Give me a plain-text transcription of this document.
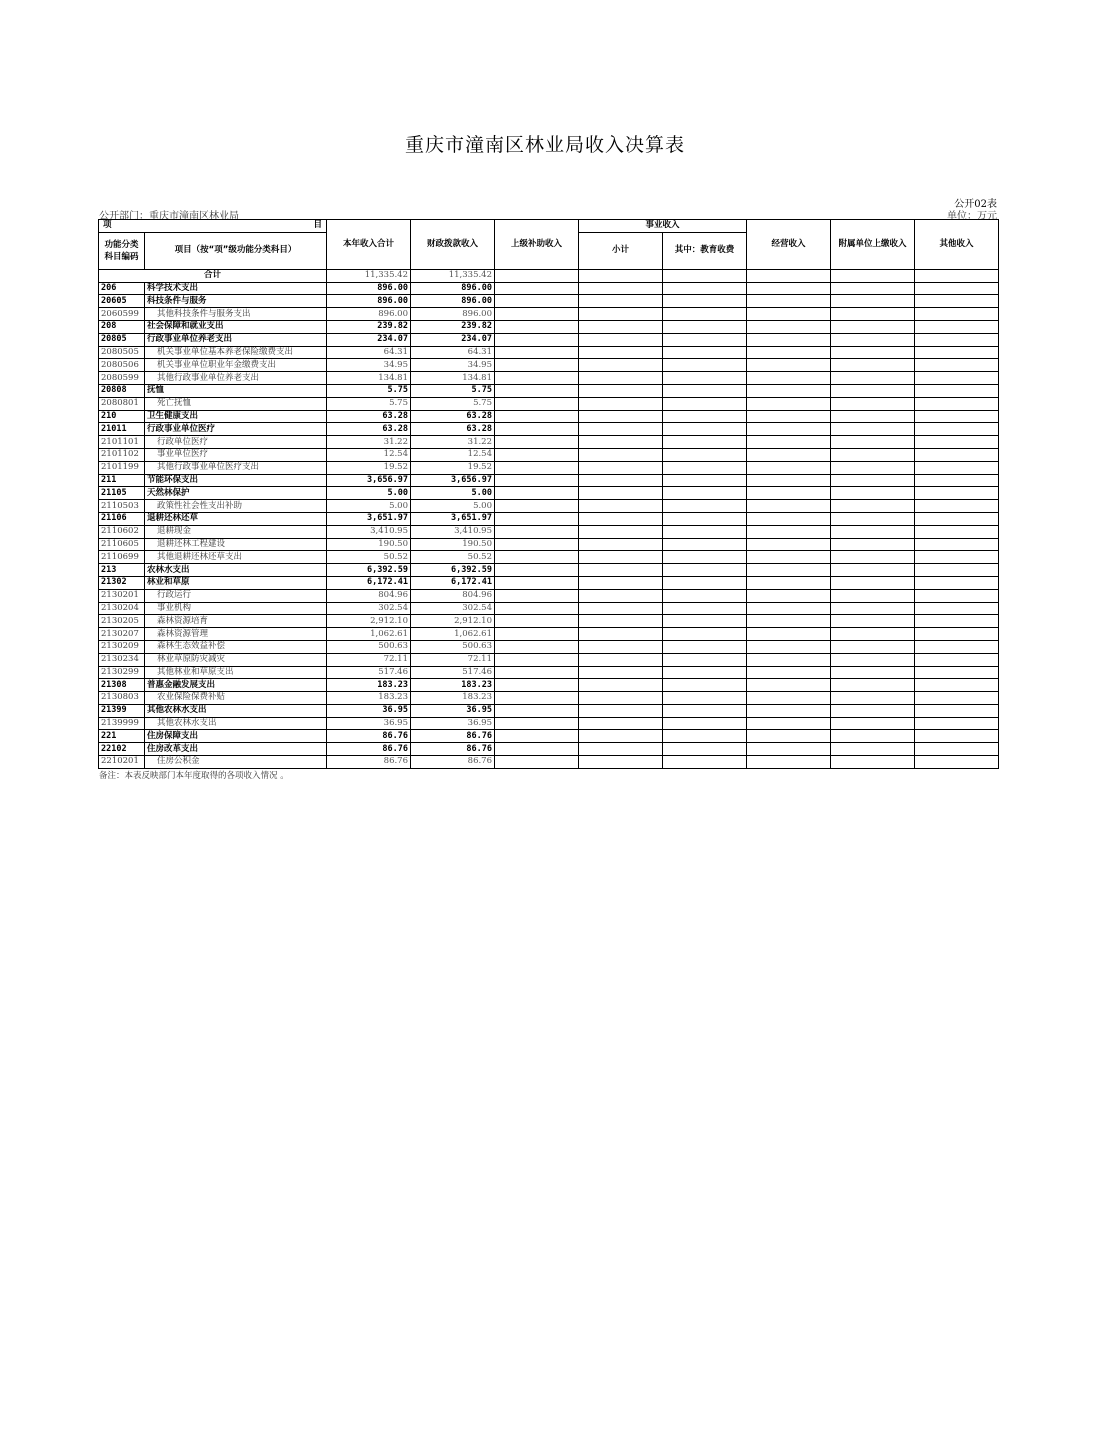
重庆市潼南区林业局收入决算表
公开02表
公开部门：重庆市潼南区林业局	单位：万元
项 目		本年收入合计	财政拨款收入	上级补助收入	事业收入		经营收入	附属单位上缴收入	其他收入
功能分类科目编码	项目（按“项”级功能分类科目）				小计	其中：教育收费			
合计		11,335.42	11,335.42						
206	科学技术支出	896.00	896.00						
20605	科技条件与服务	896.00	896.00						
2060599	其他科技条件与服务支出	896.00	896.00						
208	社会保障和就业支出	239.82	239.82						
20805	行政事业单位养老支出	234.07	234.07						
2080505	机关事业单位基本养老保险缴费支出	64.31	64.31						
2080506	机关事业单位职业年金缴费支出	34.95	34.95						
2080599	其他行政事业单位养老支出	134.81	134.81						
20808	抚恤	5.75	5.75						
2080801	死亡抚恤	5.75	5.75						
210	卫生健康支出	63.28	63.28						
21011	行政事业单位医疗	63.28	63.28						
2101101	行政单位医疗	31.22	31.22						
2101102	事业单位医疗	12.54	12.54						
2101199	其他行政事业单位医疗支出	19.52	19.52						
211	节能环保支出	3,656.97	3,656.97						
21105	天然林保护	5.00	5.00						
2110503	政策性社会性支出补助	5.00	5.00						
21106	退耕还林还草	3,651.97	3,651.97						
2110602	退耕现金	3,410.95	3,410.95						
2110605	退耕还林工程建设	190.50	190.50						
2110699	其他退耕还林还草支出	50.52	50.52						
213	农林水支出	6,392.59	6,392.59						
21302	林业和草原	6,172.41	6,172.41						
2130201	行政运行	804.96	804.96						
2130204	事业机构	302.54	302.54						
2130205	森林资源培育	2,912.10	2,912.10						
2130207	森林资源管理	1,062.61	1,062.61						
2130209	森林生态效益补偿	500.63	500.63						
2130234	林业草原防灾减灾	72.11	72.11						
2130299	其他林业和草原支出	517.46	517.46						
21308	普惠金融发展支出	183.23	183.23						
2130803	农业保险保费补贴	183.23	183.23						
21399	其他农林水支出	36.95	36.95						
2139999	其他农林水支出	36.95	36.95						
221	住房保障支出	86.76	86.76						
22102	住房改革支出	86.76	86.76						
2210201	住房公积金	86.76	86.76						
备注：本表反映部门本年度取得的各项收入情况 。
